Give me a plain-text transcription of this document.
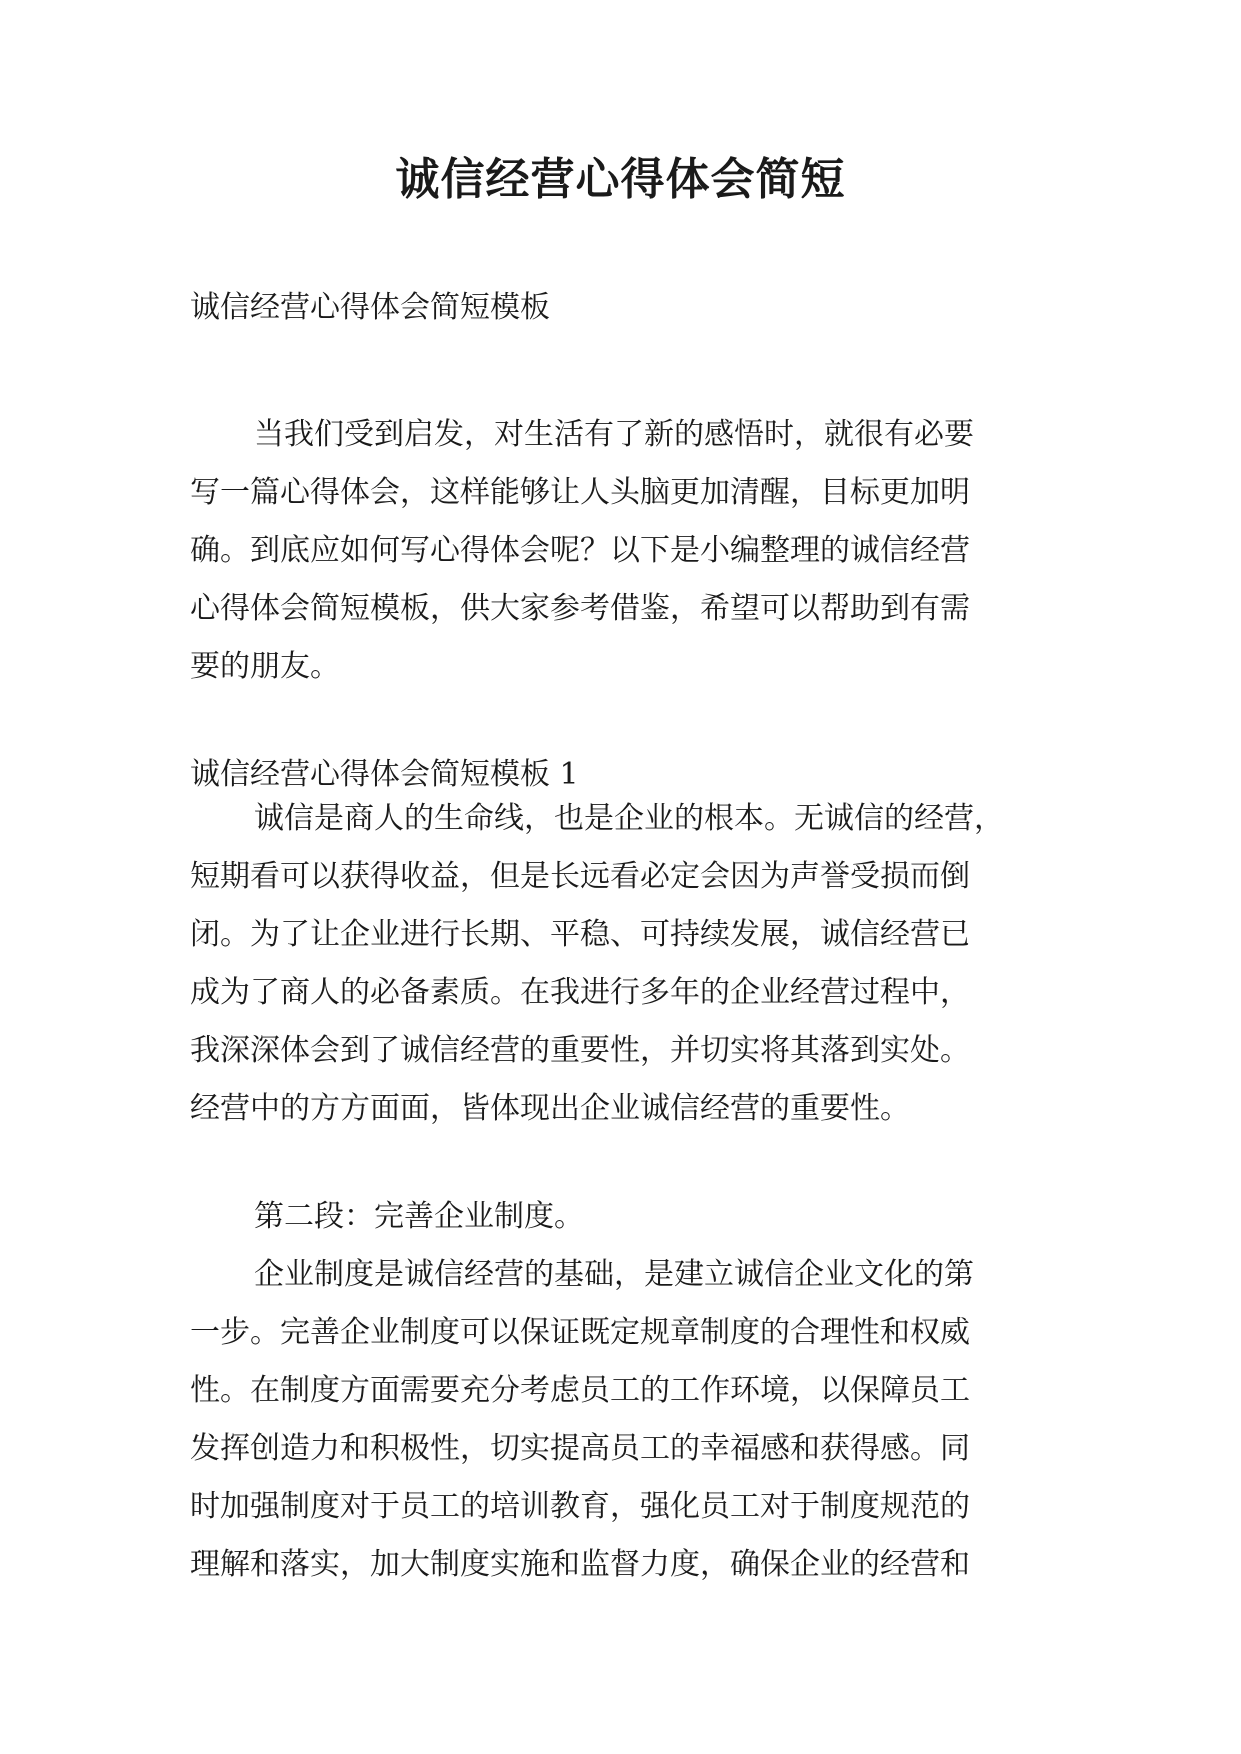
诚信经营心得体会简短
诚信经营心得体会简短模板
当我们受到启发，对生活有了新的感悟时，就很有必要
写一篇心得体会，这样能够让人头脑更加清醒，目标更加明
确。到底应如何写心得体会呢？以下是小编整理的诚信经营
心得体会简短模板，供大家参考借鉴，希望可以帮助到有需
要的朋友。
诚信经营心得体会简短模板 1
诚信是商人的生命线，也是企业的根本。无诚信的经营，
短期看可以获得收益，但是长远看必定会因为声誉受损而倒
闭。为了让企业进行长期、平稳、可持续发展，诚信经营已
成为了商人的必备素质。在我进行多年的企业经营过程中，
我深深体会到了诚信经营的重要性，并切实将其落到实处。
经营中的方方面面，皆体现出企业诚信经营的重要性。
第二段：完善企业制度。
企业制度是诚信经营的基础，是建立诚信企业文化的第
一步。完善企业制度可以保证既定规章制度的合理性和权威
性。在制度方面需要充分考虑员工的工作环境，以保障员工
发挥创造力和积极性，切实提高员工的幸福感和获得感。同
时加强制度对于员工的培训教育，强化员工对于制度规范的
理解和落实，加大制度实施和监督力度，确保企业的经营和
